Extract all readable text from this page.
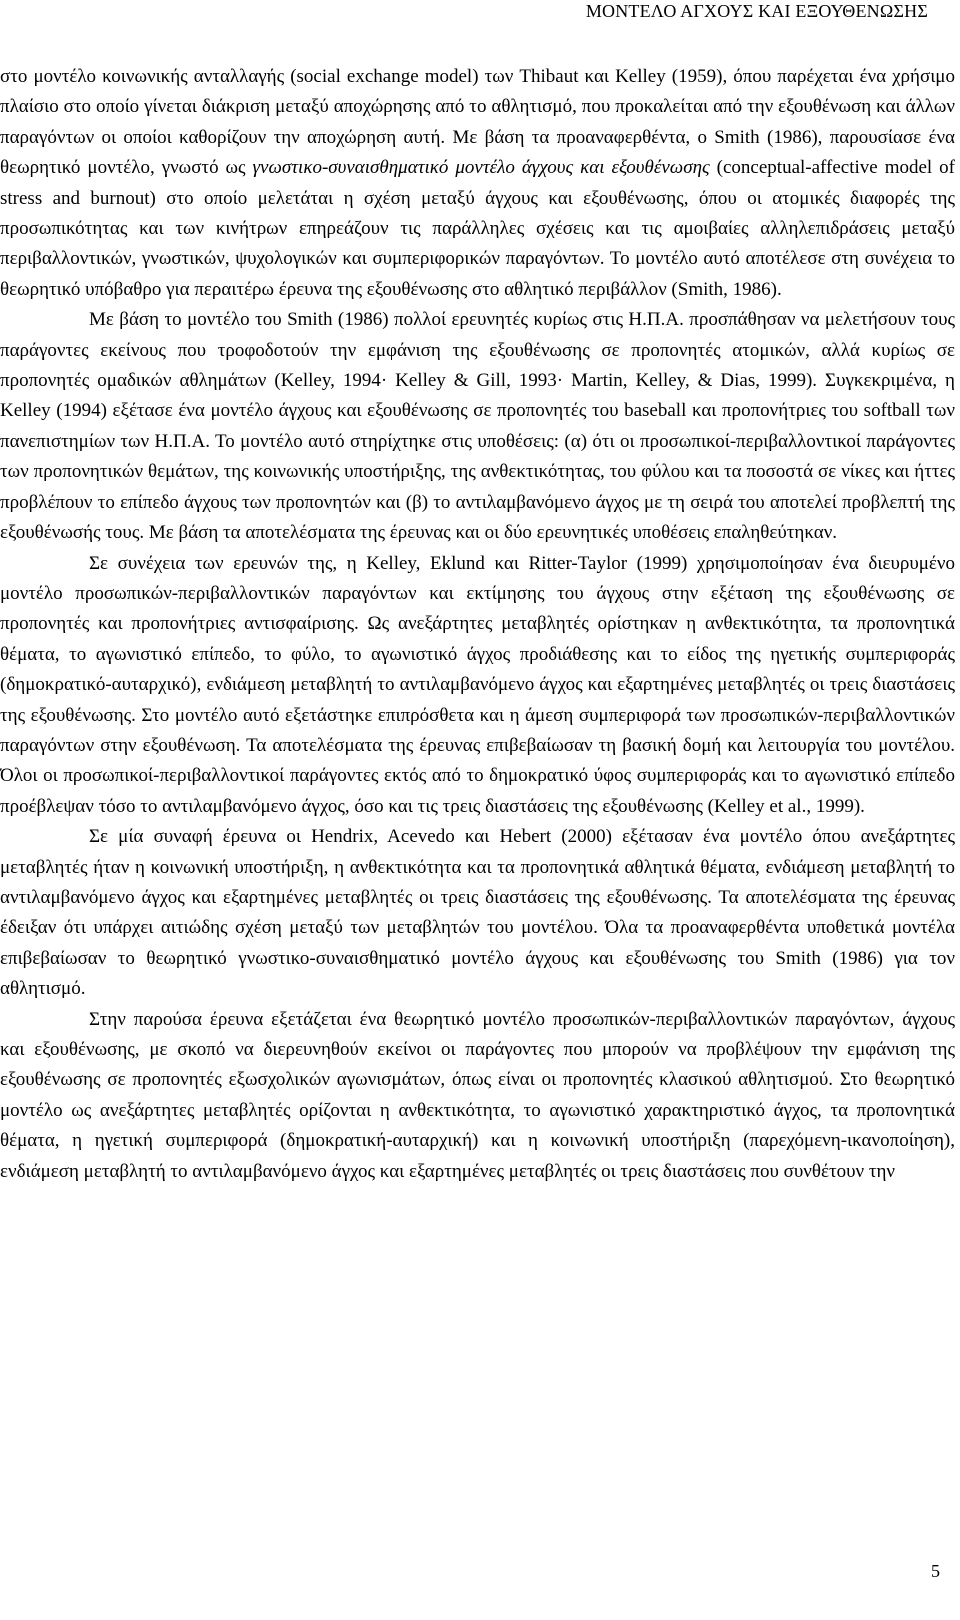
ΜΟΝΤΕΛΟ ΑΓΧΟΥΣ ΚΑΙ ΕΞΟΥΘΕΝΩΣΗΣ

στο μοντέλο κοινωνικής ανταλλαγής (social exchange model) των Thibaut και Kelley (1959), όπου παρέχεται ένα χρήσιμο πλαίσιο στο οποίο γίνεται διάκριση μεταξύ αποχώρησης από το αθλητισμό, που προκαλείται από την εξουθένωση και άλλων παραγόντων οι οποίοι καθορίζουν την αποχώρηση αυτή. Με βάση τα προαναφερθέντα, ο Smith (1986), παρουσίασε ένα θεωρητικό μοντέλο, γνωστό ως γνωστικο-συναισθηματικό μοντέλο άγχους και εξουθένωσης (conceptual-affective model of stress and burnout) στο οποίο μελετάται η σχέση μεταξύ άγχους και εξουθένωσης, όπου οι ατομικές διαφορές της προσωπικότητας και των κινήτρων επηρεάζουν τις παράλληλες σχέσεις και τις αμοιβαίες αλληλεπιδράσεις μεταξύ περιβαλλοντικών, γνωστικών, ψυχολογικών και συμπεριφορικών παραγόντων. Το μοντέλο αυτό αποτέλεσε στη συνέχεια το θεωρητικό υπόβαθρο για περαιτέρω έρευνα της εξουθένωσης στο αθλητικό περιβάλλον (Smith, 1986).

Με βάση το μοντέλο του Smith (1986) πολλοί ερευνητές κυρίως στις Η.Π.Α. προσπάθησαν να μελετήσουν τους παράγοντες εκείνους που τροφοδοτούν την εμφάνιση της εξουθένωσης σε προπονητές ατομικών, αλλά κυρίως σε προπονητές ομαδικών αθλημάτων (Kelley, 1994· Kelley & Gill, 1993· Martin, Kelley, & Dias, 1999). Συγκεκριμένα, η Kelley (1994) εξέτασε ένα μοντέλο άγχους και εξουθένωσης σε προπονητές του baseball και προπονήτριες του softball των πανεπιστημίων των Η.Π.Α. Το μοντέλο αυτό στηρίχτηκε στις υποθέσεις: (α) ότι οι προσωπικοί-περιβαλλοντικοί παράγοντες των προπονητικών θεμάτων, της κοινωνικής υποστήριξης, της ανθεκτικότητας, του φύλου και τα ποσοστά σε νίκες και ήττες προβλέπουν το επίπεδο άγχους των προπονητών και (β) το αντιλαμβανόμενο άγχος με τη σειρά του αποτελεί προβλεπτή της εξουθένωσής τους. Με βάση τα αποτελέσματα της έρευνας και οι δύο ερευνητικές υποθέσεις επαληθεύτηκαν.

Σε συνέχεια των ερευνών της, η Kelley, Eklund και Ritter-Taylor (1999) χρησιμοποίησαν ένα διευρυμένο μοντέλο προσωπικών-περιβαλλοντικών παραγόντων και εκτίμησης του άγχους στην εξέταση της εξουθένωσης σε προπονητές και προπονήτριες αντισφαίρισης. Ως ανεξάρτητες μεταβλητές ορίστηκαν η ανθεκτικότητα, τα προπονητικά θέματα, το αγωνιστικό επίπεδο, το φύλο, το αγωνιστικό άγχος προδιάθεσης και το είδος της ηγετικής συμπεριφοράς (δημοκρατικό-αυταρχικό), ενδιάμεση μεταβλητή το αντιλαμβανόμενο άγχος και εξαρτημένες μεταβλητές οι τρεις διαστάσεις της εξουθένωσης. Στο μοντέλο αυτό εξετάστηκε επιπρόσθετα και η άμεση συμπεριφορά των προσωπικών-περιβαλλοντικών παραγόντων στην εξουθένωση. Τα αποτελέσματα της έρευνας επιβεβαίωσαν τη βασική δομή και λειτουργία του μοντέλου. Όλοι οι προσωπικοί-περιβαλλοντικοί παράγοντες εκτός από το δημοκρατικό ύφος συμπεριφοράς και το αγωνιστικό επίπεδο προέβλεψαν τόσο το αντιλαμβανόμενο άγχος, όσο και τις τρεις διαστάσεις της εξουθένωσης (Kelley et al., 1999).

Σε μία συναφή έρευνα οι Hendrix, Acevedo και Hebert (2000) εξέτασαν ένα μοντέλο όπου ανεξάρτητες μεταβλητές ήταν η κοινωνική υποστήριξη, η ανθεκτικότητα και τα προπονητικά αθλητικά θέματα, ενδιάμεση μεταβλητή το αντιλαμβανόμενο άγχος και εξαρτημένες μεταβλητές οι τρεις διαστάσεις της εξουθένωσης. Τα αποτελέσματα της έρευνας έδειξαν ότι υπάρχει αιτιώδης σχέση μεταξύ των μεταβλητών του μοντέλου. Όλα τα προαναφερθέντα υποθετικά μοντέλα επιβεβαίωσαν το θεωρητικό γνωστικο-συναισθηματικό μοντέλο άγχους και εξουθένωσης του Smith (1986) για τον αθλητισμό.

Στην παρούσα έρευνα εξετάζεται ένα θεωρητικό μοντέλο προσωπικών-περιβαλλοντικών παραγόντων, άγχους και εξουθένωσης, με σκοπό να διερευνηθούν εκείνοι οι παράγοντες που μπορούν να προβλέψουν την εμφάνιση της εξουθένωσης σε προπονητές εξωσχολικών αγωνισμάτων, όπως είναι οι προπονητές κλασικού αθλητισμού. Στο θεωρητικό μοντέλο ως ανεξάρτητες μεταβλητές ορίζονται η ανθεκτικότητα, το αγωνιστικό χαρακτηριστικό άγχος, τα προπονητικά θέματα, η ηγετική συμπεριφορά (δημοκρατική-αυταρχική) και η κοινωνική υποστήριξη (παρεχόμενη-ικανοποίηση), ενδιάμεση μεταβλητή το αντιλαμβανόμενο άγχος και εξαρτημένες μεταβλητές οι τρεις διαστάσεις που συνθέτουν την

5
